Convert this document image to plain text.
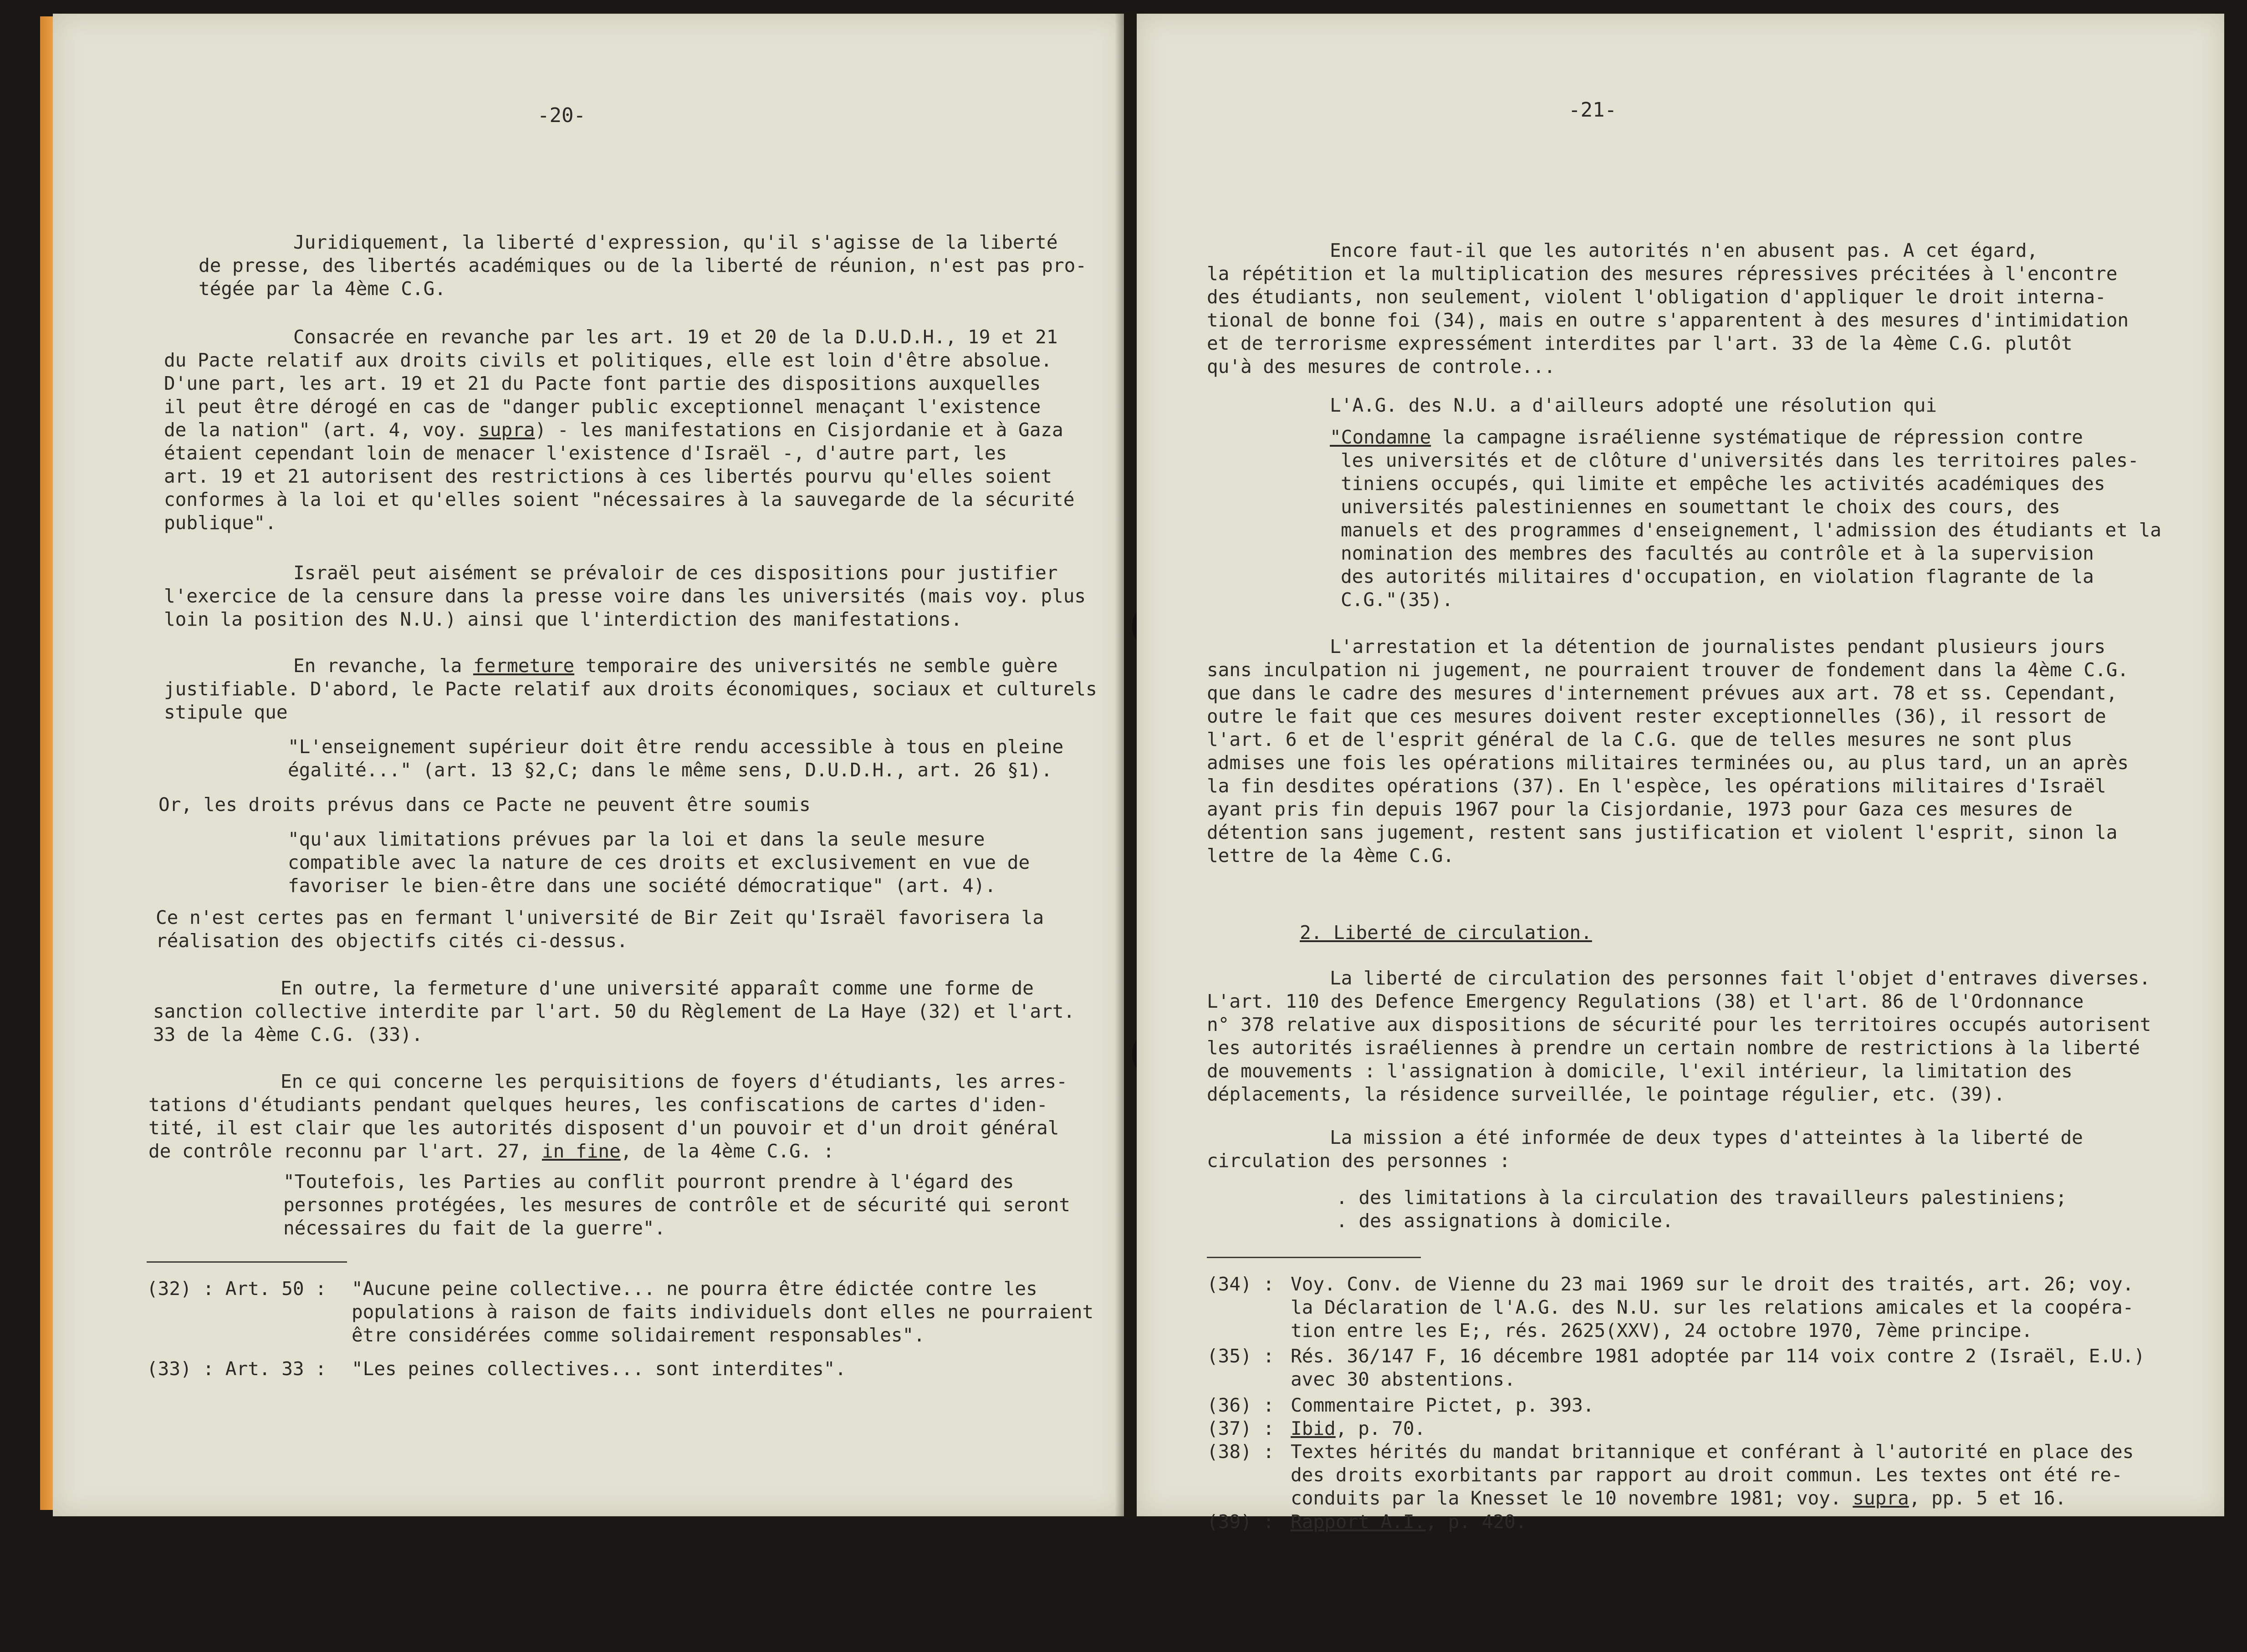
-20-
Juridiquement, la liberté d'expression, qu'il s'agisse de la liberté
de presse, des libertés académiques ou de la liberté de réunion, n'est pas pro-
tégée par la 4ème C.G.
Consacrée en revanche par les art. 19 et 20 de la D.U.D.H., 19 et 21
du Pacte relatif aux droits civils et politiques, elle est loin d'être absolue.
D'une part, les art. 19 et 21 du Pacte font partie des dispositions auxquelles
il peut être dérogé en cas de "danger public exceptionnel menaçant l'existence
de la nation" (art. 4, voy. supra) - les manifestations en Cisjordanie et à Gaza
étaient cependant loin de menacer l'existence d'Israël -, d'autre part, les
art. 19 et 21 autorisent des restrictions à ces libertés pourvu qu'elles soient
conformes à la loi et qu'elles soient "nécessaires à la sauvegarde de la sécurité
publique".
Israël peut aisément se prévaloir de ces dispositions pour justifier
l'exercice de la censure dans la presse voire dans les universités (mais voy. plus
loin la position des N.U.) ainsi que l'interdiction des manifestations.
En revanche, la fermeture temporaire des universités ne semble guère
justifiable. D'abord, le Pacte relatif aux droits économiques, sociaux et culturels
stipule que
"L'enseignement supérieur doit être rendu accessible à tous en pleine
égalité..." (art. 13 §2,C; dans le même sens, D.U.D.H., art. 26 §1).
Or, les droits prévus dans ce Pacte ne peuvent être soumis
"qu'aux limitations prévues par la loi et dans la seule mesure
compatible avec la nature de ces droits et exclusivement en vue de
favoriser le bien-être dans une société démocratique" (art. 4).
Ce n'est certes pas en fermant l'université de Bir Zeit qu'Israël favorisera la
réalisation des objectifs cités ci-dessus.
En outre, la fermeture d'une université apparaît comme une forme de
sanction collective interdite par l'art. 50 du Règlement de La Haye (32) et l'art.
33 de la 4ème C.G. (33).
En ce qui concerne les perquisitions de foyers d'étudiants, les arres-
tations d'étudiants pendant quelques heures, les confiscations de cartes d'iden-
tité, il est clair que les autorités disposent d'un pouvoir et d'un droit général
de contrôle reconnu par l'art. 27, in fine, de la 4ème C.G. :
"Toutefois, les Parties au conflit pourront prendre à l'égard des
personnes protégées, les mesures de contrôle et de sécurité qui seront
nécessaires du fait de la guerre".
(32) : Art. 50 : "Aucune peine collective... ne pourra être édictée contre les
populations à raison de faits individuels dont elles ne pourraient
être considérées comme solidairement responsables".
(33) : Art. 33 : "Les peines collectives... sont interdites".
-21-
Encore faut-il que les autorités n'en abusent pas. A cet égard,
la répétition et la multiplication des mesures répressives précitées à l'encontre
des étudiants, non seulement, violent l'obligation d'appliquer le droit interna-
tional de bonne foi (34), mais en outre s'apparentent à des mesures d'intimidation
et de terrorisme expressément interdites par l'art. 33 de la 4ème C.G. plutôt
qu'à des mesures de controle...
L'A.G. des N.U. a d'ailleurs adopté une résolution qui
"Condamne la campagne israélienne systématique de répression contre
les universités et de clôture d'universités dans les territoires pales-
tiniens occupés, qui limite et empêche les activités académiques des
universités palestiniennes en soumettant le choix des cours, des
manuels et des programmes d'enseignement, l'admission des étudiants et la
nomination des membres des facultés au contrôle et à la supervision
des autorités militaires d'occupation, en violation flagrante de la
C.G."(35).
L'arrestation et la détention de journalistes pendant plusieurs jours
sans inculpation ni jugement, ne pourraient trouver de fondement dans la 4ème C.G.
que dans le cadre des mesures d'internement prévues aux art. 78 et ss. Cependant,
outre le fait que ces mesures doivent rester exceptionnelles (36), il ressort de
l'art. 6 et de l'esprit général de la C.G. que de telles mesures ne sont plus
admises une fois les opérations militaires terminées ou, au plus tard, un an après
la fin desdites opérations (37). En l'espèce, les opérations militaires d'Israël
ayant pris fin depuis 1967 pour la Cisjordanie, 1973 pour Gaza ces mesures de
détention sans jugement, restent sans justification et violent l'esprit, sinon la
lettre de la 4ème C.G.
2. Liberté de circulation.
La liberté de circulation des personnes fait l'objet d'entraves diverses.
L'art. 110 des Defence Emergency Regulations (38) et l'art. 86 de l'Ordonnance
n° 378 relative aux dispositions de sécurité pour les territoires occupés autorisent
les autorités israéliennes à prendre un certain nombre de restrictions à la liberté
de mouvements : l'assignation à domicile, l'exil intérieur, la limitation des
déplacements, la résidence surveillée, le pointage régulier, etc. (39).
La mission a été informée de deux types d'atteintes à la liberté de
circulation des personnes :
. des limitations à la circulation des travailleurs palestiniens;
. des assignations à domicile.
(34) : Voy. Conv. de Vienne du 23 mai 1969 sur le droit des traités, art. 26; voy.
la Déclaration de l'A.G. des N.U. sur les relations amicales et la coopéra-
tion entre les E;, rés. 2625(XXV), 24 octobre 1970, 7ème principe.
(35) : Rés. 36/147 F, 16 décembre 1981 adoptée par 114 voix contre 2 (Israël, E.U.)
avec 30 abstentions.
(36) : Commentaire Pictet, p. 393.
(37) : Ibid, p. 70.
(38) : Textes hérités du mandat britannique et conférant à l'autorité en place des
des droits exorbitants par rapport au droit commun. Les textes ont été re-
conduits par la Knesset le 10 novembre 1981; voy. supra, pp. 5 et 16.
(39) : Rapport A.I., p. 420.
